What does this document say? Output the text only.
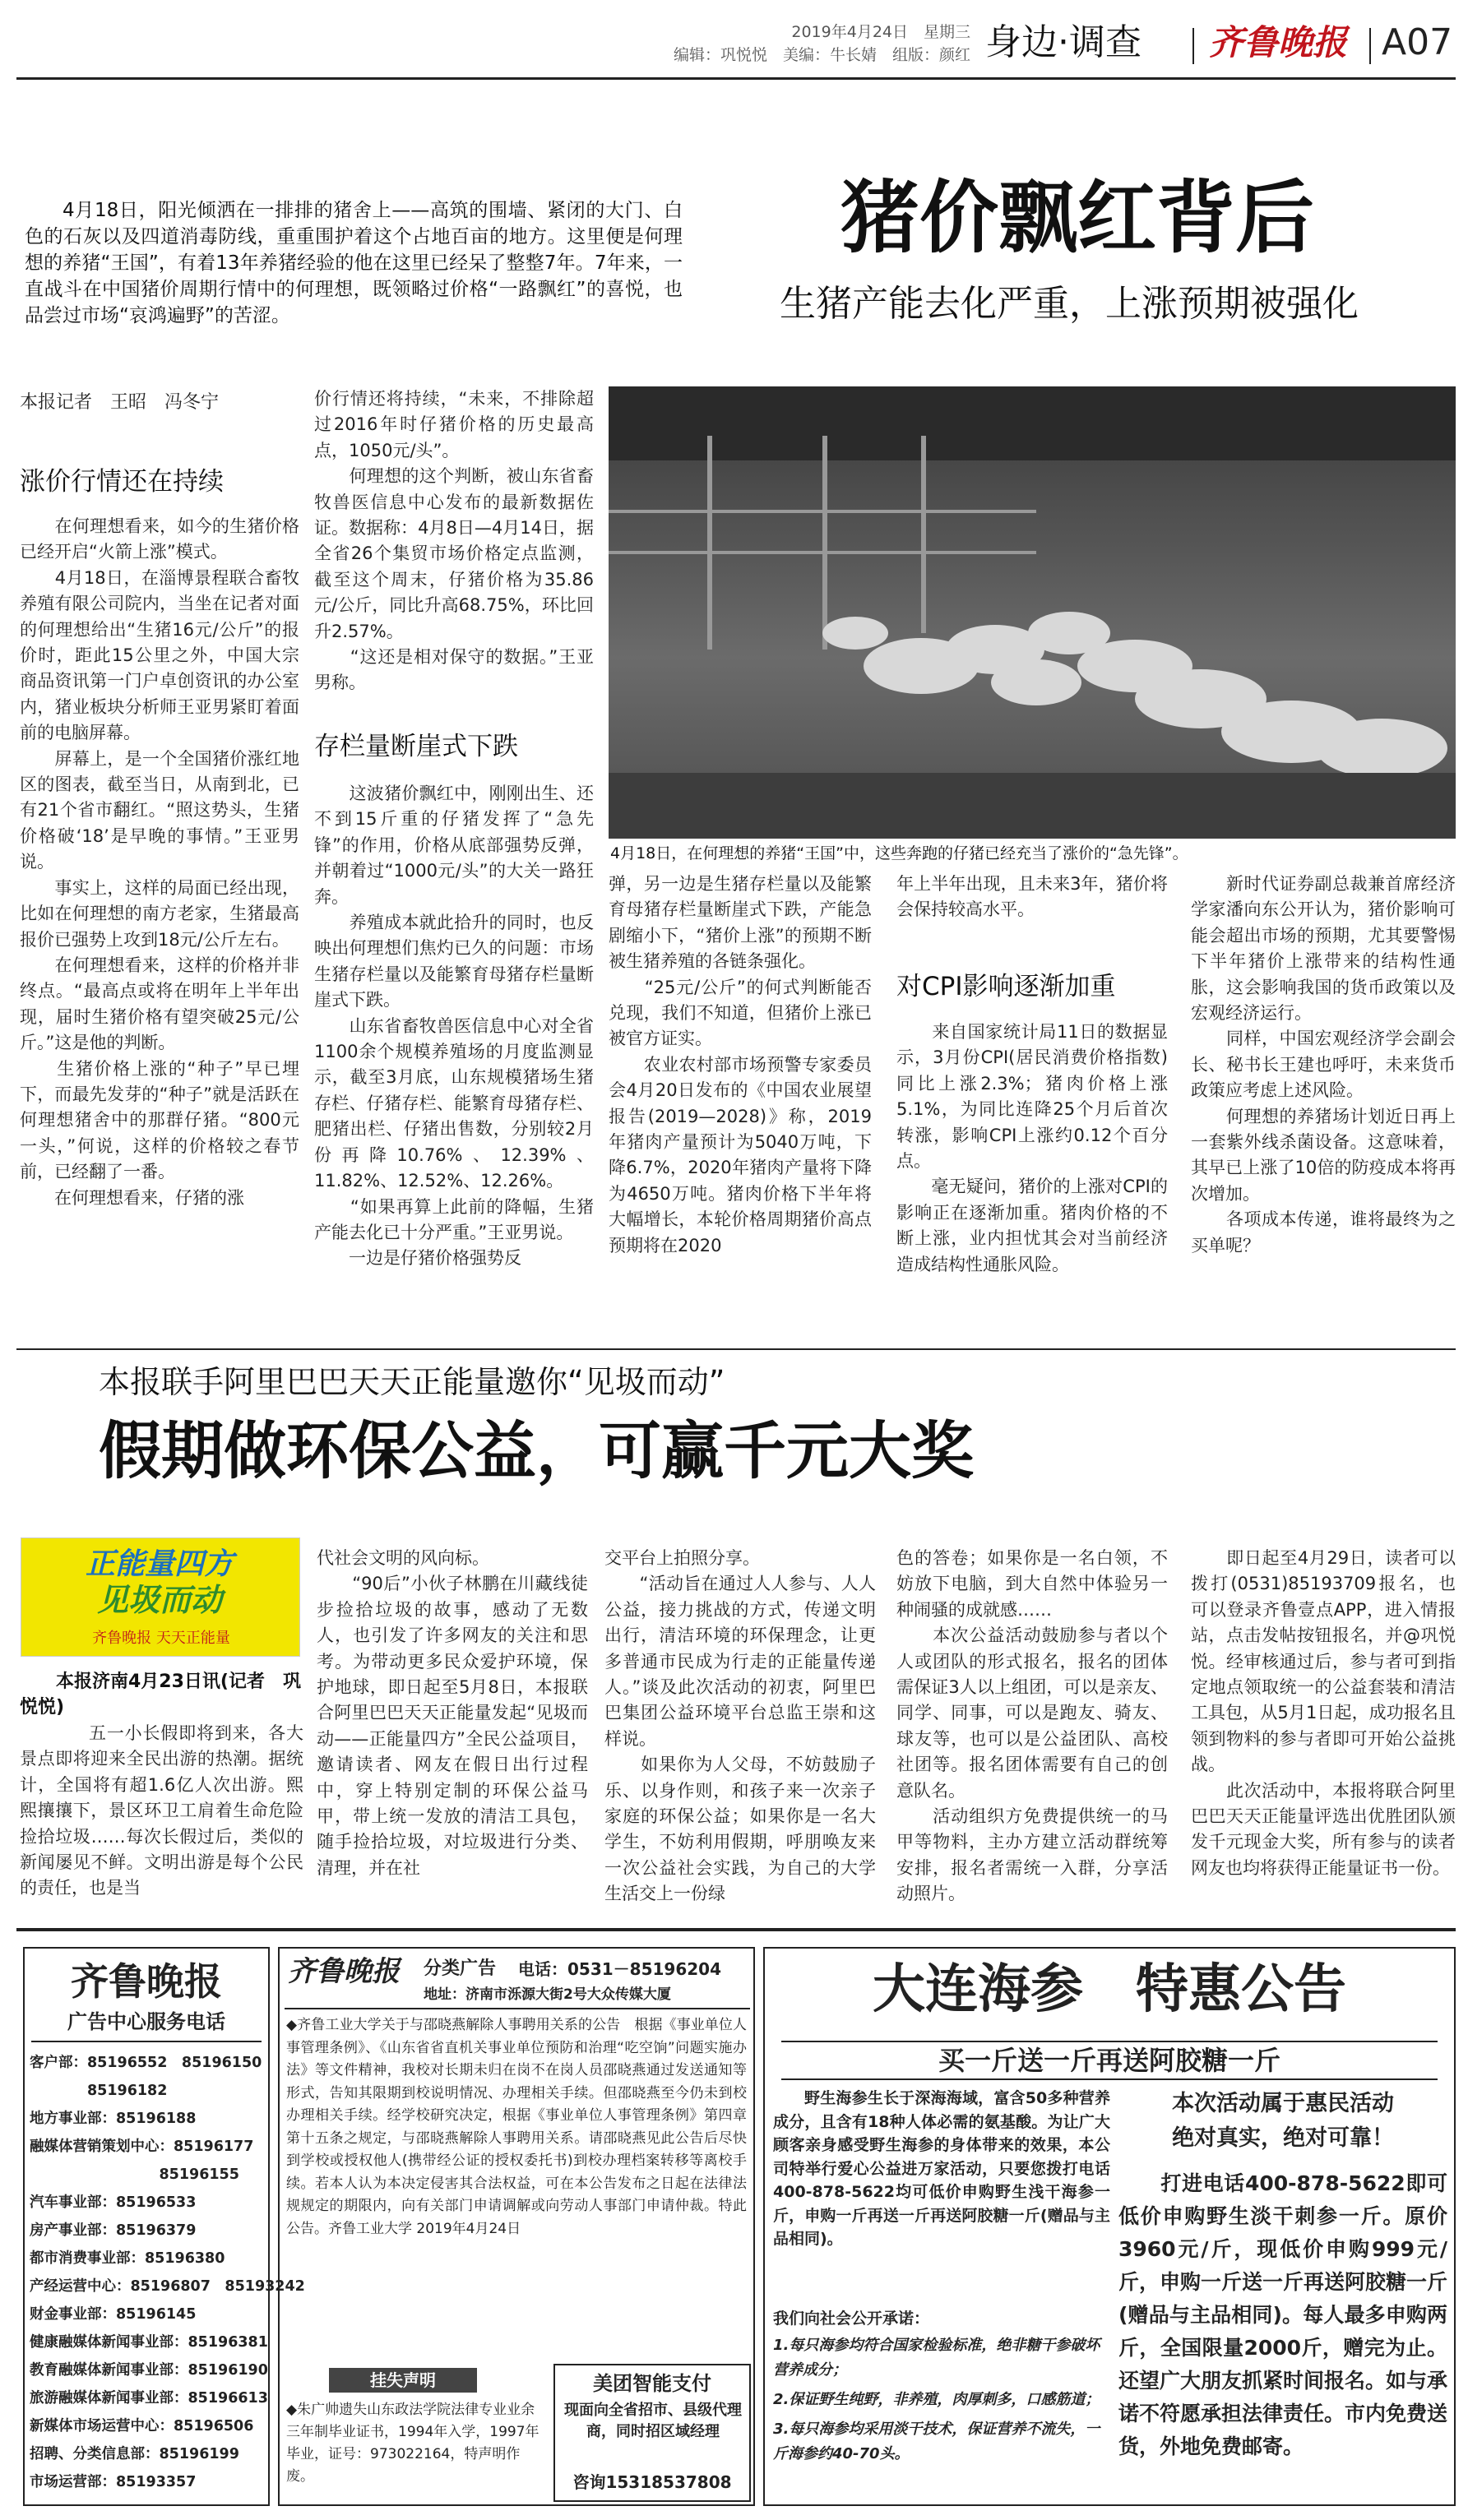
2019年4月24日　星期三
编辑：巩悦悦　美编：牛长婧　组版：颜红 身边·调查	齐鲁晚报 A07
4月18日，阳光倾洒在一排排的猪舍上——高筑的围墙、紧闭的大门、白色的石灰以及四道消毒防线，重重围护着这个占地百亩的地方。这里便是何理想的养猪“王国”，有着13年养猪经验的他在这里已经呆了整整7年。7年来，一直战斗在中国猪价周期行情中的何理想，既领略过价格“一路飘红”的喜悦，也品尝过市场“哀鸿遍野”的苦涩。
猪价飘红背后
生猪产能去化严重，上涨预期被强化
本报记者　王昭　冯冬宁
涨价行情还在持续
　　在何理想看来，如今的生猪价格已经开启“火箭上涨”模式。
　　4月18日，在淄博景程联合畜牧养殖有限公司院内，当坐在记者对面的何理想给出“生猪16元/公斤”的报价时，距此15公里之外，中国大宗商品资讯第一门户卓创资讯的办公室内，猪业板块分析师王亚男紧盯着面前的电脑屏幕。
　　屏幕上，是一个全国猪价涨红地区的图表，截至当日，从南到北，已有21个省市翻红。“照这势头，生猪价格破‘18’是早晚的事情。”王亚男说。
　　事实上，这样的局面已经出现，比如在何理想的南方老家，生猪最高报价已强势上攻到18元/公斤左右。
　　在何理想看来，这样的价格并非终点。“最高点或将在明年上半年出现，届时生猪价格有望突破25元/公斤。”这是他的判断。
　　生猪价格上涨的“种子”早已埋下，而最先发芽的“种子”就是活跃在何理想猪舍中的那群仔猪。“800元一头，”何说，这样的价格较之春节前，已经翻了一番。
　　在何理想看来，仔猪的涨
价行情还将持续，“未来，不排除超过2016年时仔猪价格的历史最高点，1050元/头”。
　　何理想的这个判断，被山东省畜牧兽医信息中心发布的最新数据佐证。数据称：4月8日—4月14日，据全省26个集贸市场价格定点监测，截至这个周末，仔猪价格为35.86元/公斤，同比升高68.75%，环比回升2.57%。
　　“这还是相对保守的数据。”王亚男称。
存栏量断崖式下跌
　　这波猪价飘红中，刚刚出生、还不到15斤重的仔猪发挥了“急先锋”的作用，价格从底部强势反弹，并朝着过“1000元/头”的大关一路狂奔。
　　养殖成本就此拾升的同时，也反映出何理想们焦灼已久的问题：市场生猪存栏量以及能繁育母猪存栏量断崖式下跌。
　　山东省畜牧兽医信息中心对全省1100余个规模养殖场的月度监测显示，截至3月底，山东规模猪场生猪存栏、仔猪存栏、能繁育母猪存栏、肥猪出栏、仔猪出售数，分别较2月份再降10.76%、12.39%、11.82%、12.52%、12.26%。
　　“如果再算上此前的降幅，生猪产能去化已十分严重。”王亚男说。
　　一边是仔猪价格强势反
4月18日，在何理想的养猪“王国”中，这些奔跑的仔猪已经充当了涨价的“急先锋”。
弹，另一边是生猪存栏量以及能繁育母猪存栏量断崖式下跌，产能急剧缩小下，“猪价上涨”的预期不断被生猪养殖的各链条强化。
　　“25元/公斤”的何式判断能否兑现，我们不知道，但猪价上涨已被官方证实。
　　农业农村部市场预警专家委员会4月20日发布的《中国农业展望报告(2019—2028)》称，2019年猪肉产量预计为5040万吨，下降6.7%，2020年猪肉产量将下降为4650万吨。猪肉价格下半年将大幅增长，本轮价格周期猪价高点预期将在2020
年上半年出现，且未来3年，猪价将会保持较高水平。
对CPI影响逐渐加重
　　来自国家统计局11日的数据显示，3月份CPI(居民消费价格指数)同比上涨2.3%；猪肉价格上涨5.1%，为同比连降25个月后首次转涨，影响CPI上涨约0.12个百分点。
　　毫无疑问，猪价的上涨对CPI的影响正在逐渐加重。猪肉价格的不断上涨，业内担忧其会对当前经济造成结构性通胀风险。
　　新时代证券副总裁兼首席经济学家潘向东公开认为，猪价影响可能会超出市场的预期，尤其要警惕下半年猪价上涨带来的结构性通胀，这会影响我国的货币政策以及宏观经济运行。
　　同样，中国宏观经济学会副会长、秘书长王建也呼吁，未来货币政策应考虑上述风险。
　　何理想的养猪场计划近日再上一套紫外线杀菌设备。这意味着，其早已上涨了10倍的防疫成本将再次增加。
　　各项成本传递，谁将最终为之买单呢？
本报联手阿里巴巴天天正能量邀你“见圾而动”
假期做环保公益，可赢千元大奖
正能量四方
见圾而动
齐鲁晚报 天天正能量
　　本报济南4月23日讯(记者　巩悦悦)
五一小长假即将到来，各大景点即将迎来全民出游的热潮。据统计，全国将有超1.6亿人次出游。熙熙攘攘下，景区环卫工肩着生命危险捡拾垃圾……每次长假过后，类似的新闻屡见不鲜。文明出游是每个公民的责任，也是当
代社会文明的风向标。
　　“90后”小伙子林鹏在川藏线徒步捡拾垃圾的故事，感动了无数人，也引发了许多网友的关注和思考。为带动更多民众爱护环境，保护地球，即日起至5月8日，本报联合阿里巴巴天天正能量发起“见圾而动——正能量四方”全民公益项目，邀请读者、网友在假日出行过程中，穿上特别定制的环保公益马甲，带上统一发放的清洁工具包，随手捡拾垃圾，对垃圾进行分类、清理，并在社
交平台上拍照分享。
　　“活动旨在通过人人参与、人人公益，接力挑战的方式，传递文明出行，清洁环境的环保理念，让更多普通市民成为行走的正能量传递人。”谈及此次活动的初衷，阿里巴巴集团公益环境平台总监王崇和这样说。
　　如果你为人父母，不妨鼓励子乐、以身作则，和孩子来一次亲子家庭的环保公益；如果你是一名大学生，不妨利用假期，呼朋唤友来一次公益社会实践，为自己的大学生活交上一份绿
色的答卷；如果你是一名白领，不妨放下电脑，到大自然中体验另一种闹骚的成就感……
　　本次公益活动鼓励参与者以个人或团队的形式报名，报名的团体需保证3人以上组团，可以是亲友、同学、同事，可以是跑友、骑友、球友等，也可以是公益团队、高校社团等。报名团体需要有自己的创意队名。
　　活动组织方免费提供统一的马甲等物料，主办方建立活动群统筹安排，报名者需统一入群，分享活动照片。
　　即日起至4月29日，读者可以拨打(0531)85193709报名，也可以登录齐鲁壹点APP，进入情报站，点击发帖按钮报名，并@巩悦悦。经审核通过后，参与者可到指定地点领取统一的公益套装和清洁工具包，从5月1日起，成功报名且领到物料的参与者即可开始公益挑战。
　　此次活动中，本报将联合阿里巴巴天天正能量评选出优胜团队颁发千元现金大奖，所有参与的读者网友也均将获得正能量证书一份。
齐鲁晚报
广告中心服务电话
客户部：85196552　85196150
　　　　85196182
地方事业部：85196188
融媒体营销策划中心：85196177
　　　　　　　　　85196155
汽车事业部：85196533
房产事业部：85196379
都市消费事业部：85196380
产经运营中心：85196807　85193242
财金事业部：85196145
健康融媒体新闻事业部：85196381
教育融媒体新闻事业部：85196190
旅游融媒体新闻事业部：85196613
新媒体市场运营中心：85196506
招聘、分类信息部：85196199
市场运营部：85193357
齐鲁晚报	分类广告	电话：0531－85196204
地址：济南市泺源大街2号大众传媒大厦
◆齐鲁工业大学关于与邵晓燕解除人事聘用关系的公告　根据《事业单位人事管理条例》、《山东省省直机关事业单位预防和治理“吃空饷”问题实施办法》等文件精神，我校对长期未归在岗不在岗人员邵晓燕通过发送通知等形式，告知其限期到校说明情况、办理相关手续。但邵晓燕至今仍未到校办理相关手续。经学校研究决定，根据《事业单位人事管理条例》第四章第十五条之规定，与邵晓燕解除人事聘用关系。请邵晓燕见此公告后尽快到学校或授权他人(携带经公证的授权委托书)到校办理档案转移等离校手续。若本人认为本决定侵害其合法权益，可在本公告发布之日起在法律法规规定的期限内，向有关部门申请调解或向劳动人事部门申请仲裁。特此公告。齐鲁工业大学 2019年4月24日
挂失声明
◆朱广帅遗失山东政法学院法律专业业余三年制毕业证书，1994年入学，1997年毕业，证号：973022164，特声明作废。
美团智能支付
现面向全省招市、县级代理商，同时招区域经理
咨询15318537808
大连海参　特惠公告
买一斤送一斤再送阿胶糖一斤
野生海参生长于深海海域，富含50多种营养成分，且含有18种人体必需的氨基酸。为让广大顾客亲身感受野生海参的身体带来的效果，本公司特举行爱心公益进万家活动，只要您拨打电话400-878-5622均可低价申购野生浅干海参一斤，申购一斤再送一斤再送阿胶糖一斤(赠品与主品相同)。
我们向社会公开承诺：
1.每只海参均符合国家检验标准，绝非糖干参破坏营养成分；
2.保证野生纯野，非养殖，肉厚刺多，口感筋道；
3.每只海参均采用淡干技术，保证营养不流失，一斤海参约40-70头。
本次活动属于惠民活动
绝对真实，绝对可靠！
　　打进电话400-878-5622即可低价申购野生淡干刺参一斤。原价3960元/斤，现低价申购999元/斤，申购一斤送一斤再送阿胶糖一斤(赠品与主品相同)。每人最多申购两斤，全国限量2000斤，赠完为止。还望广大朋友抓紧时间报名。如与承诺不符愿承担法律责任。市内免费送货，外地免费邮寄。
